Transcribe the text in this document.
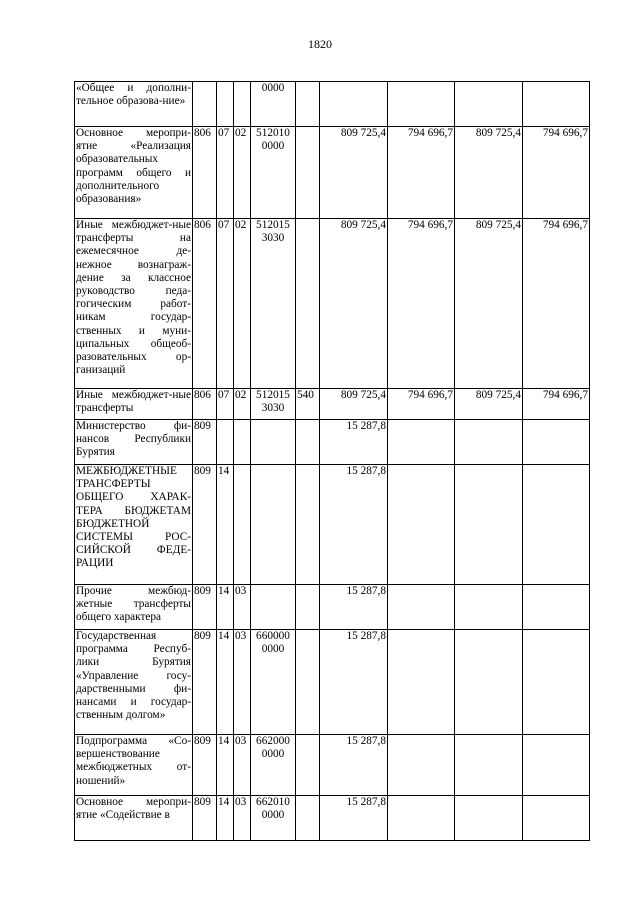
1820
«Общее и дополни-тельное образова-ние»				0000					
Основное меропри-ятие «Реализация образовательных программ общего и дополнительного образования»	806	07	02	512010 0000		809 725,4	794 696,7	809 725,4	794 696,7
Иные межбюджет-ные трансферты на ежемесячное де-нежное вознаграж-дение за классное руководство педа-гогическим работ-никам государ-ственных и муни-ципальных общеоб-разовательных ор-ганизаций	806	07	02	512015 3030		809 725,4	794 696,7	809 725,4	794 696,7
Иные межбюджет-ные трансферты	806	07	02	512015 3030	540	809 725,4	794 696,7	809 725,4	794 696,7
Министерство фи-нансов Республики Бурятия	809					15 287,8			
МЕЖБЮДЖЕТНЫЕ ТРАНСФЕРТЫ ОБЩЕГО ХАРАК-ТЕРА БЮДЖЕТАМ БЮДЖЕТНОЙ СИСТЕМЫ РОС-СИЙСКОЙ ФЕДЕ-РАЦИИ	809	14				15 287,8			
Прочие межбюд-жетные трансферты общего характера	809	14	03			15 287,8			
Государственная программа Респуб-лики Бурятия «Управление госу-дарственными фи-нансами и государ-ственным долгом»	809	14	03	660000 0000		15 287,8			
Подпрограмма «Со-вершенствование межбюджетных от-ношений»	809	14	03	662000 0000		15 287,8			
Основное меропри-ятие «Содействие в	809	14	03	662010 0000		15 287,8			
